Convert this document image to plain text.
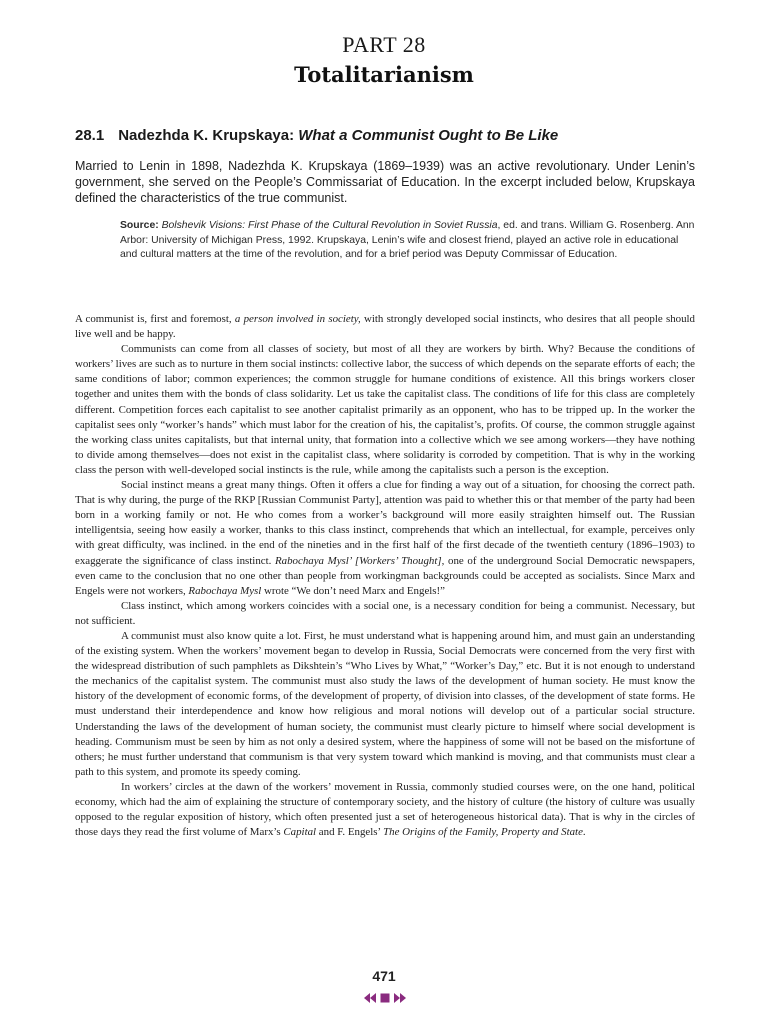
PART 28
Totalitarianism
28.1 Nadezhda K. Krupskaya: What a Communist Ought to Be Like
Married to Lenin in 1898, Nadezhda K. Krupskaya (1869–1939) was an active revolutionary. Under Lenin’s government, she served on the People’s Commissariat of Education. In the excerpt included below, Krupskaya defined the characteristics of the true communist.
Source: Bolshevik Visions: First Phase of the Cultural Revolution in Soviet Russia, ed. and trans. William G. Rosenberg. Ann Arbor: University of Michigan Press, 1992. Krupskaya, Lenin’s wife and closest friend, played an active role in educational and cultural matters at the time of the revolution, and for a brief period was Deputy Commissar of Education.

A communist is, first and foremost, a person involved in society, with strongly developed social instincts, who desires that all people should live well and be happy.

Communists can come from all classes of society, but most of all they are workers by birth. Why? Because the conditions of workers’ lives are such as to nurture in them social instincts: collective labor, the success of which depends on the separate efforts of each; the same conditions of labor; common experiences; the common struggle for humane conditions of existence. All this brings workers closer together and unites them with the bonds of class solidarity. Let us take the capitalist class. The conditions of life for this class are completely different. Competition forces each capitalist to see another capitalist primarily as an opponent, who has to be tripped up. In the worker the capitalist sees only “worker’s hands” which must labor for the creation of his, the capitalist’s, profits. Of course, the common struggle against the working class unites capitalists, but that internal unity, that formation into a collective which we see among workers—they have nothing to divide among themselves—does not exist in the capitalist class, where solidarity is corroded by competition. That is why in the working class the person with well-developed social instincts is the rule, while among the capitalists such a person is the exception.

Social instinct means a great many things. Often it offers a clue for finding a way out of a situation, for choosing the correct path. That is why during, the purge of the RKP [Russian Communist Party], attention was paid to whether this or that member of the party had been born in a working family or not. He who comes from a worker’s background will more easily straighten himself out. The Russian intelligentsia, seeing how easily a worker, thanks to this class instinct, comprehends that which an intellectual, for example, perceives only with great difficulty, was inclined. in the end of the nineties and in the first half of the first decade of the twentieth century (1896–1903) to exaggerate the significance of class instinct. Rabochaya Mysl’ [Workers’ Thought], one of the underground Social Democratic newspapers, even came to the conclusion that no one other than people from workingman backgrounds could be accepted as socialists. Since Marx and Engels were not workers, Rabochaya Mysl wrote “We don’t need Marx and Engels!”

Class instinct, which among workers coincides with a social one, is a necessary condition for being a communist. Necessary, but not sufficient.

A communist must also know quite a lot. First, he must understand what is happening around him, and must gain an understanding of the existing system. When the workers’ movement began to develop in Russia, Social Democrats were concerned from the very first with the widespread distribution of such pamphlets as Dikshtein’s “Who Lives by What,” “Worker’s Day,” etc. But it is not enough to understand the mechanics of the capitalist system. The communist must also study the laws of the development of human society. He must know the history of the development of economic forms, of the development of property, of division into classes, of the development of state forms. He must understand their interdependence and know how religious and moral notions will develop out of a particular social structure. Understanding the laws of the development of human society, the communist must clearly picture to himself where social development is heading. Communism must be seen by him as not only a desired system, where the happiness of some will not be based on the misfortune of others; he must further understand that communism is that very system toward which mankind is moving, and that communists must clear a path to this system, and promote its speedy coming.

In workers’ circles at the dawn of the workers’ movement in Russia, commonly studied courses were, on the one hand, political economy, which had the aim of explaining the structure of contemporary society, and the history of culture (the history of culture was usually opposed to the regular exposition of history, which often presented just a set of heterogeneous historical data). That is why in the circles of those days they read the first volume of Marx’s Capital and F. Engels’ The Origins of the Family, Property and State.

471
